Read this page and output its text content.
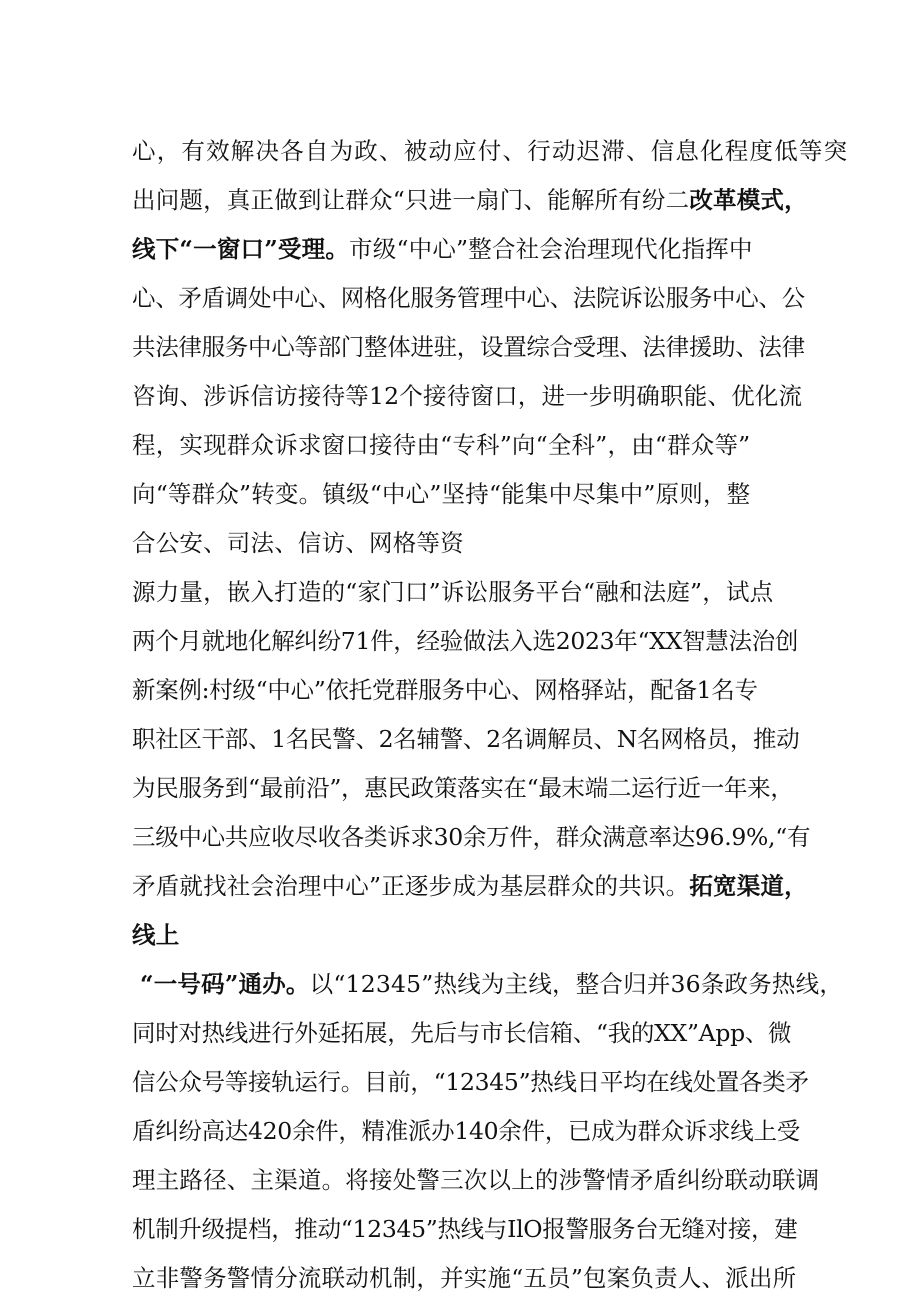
心，有效解决各自为政、被动应付、行动迟滞、信息化程度低等突
出问题，真正做到让群众“只进一扇门、能解所有纷二改革模式，
线下“一窗口”受理。市级“中心”整合社会治理现代化指挥中
心、矛盾调处中心、网格化服务管理中心、法院诉讼服务中心、公
共法律服务中心等部门整体进驻，设置综合受理、法律援助、法律
咨询、涉诉信访接待等12个接待窗口，进一步明确职能、优化流
程，实现群众诉求窗口接待由“专科”向“全科”，由“群众等”
向“等群众”转变。镇级“中心”坚持“能集中尽集中”原则，整
合公安、司法、信访、网格等资
源力量，嵌入打造的“家门口”诉讼服务平台“融和法庭”，试点
两个月就地化解纠纷71件，经验做法入选2023年“XX智慧法治创
新案例:村级“中心”依托党群服务中心、网格驿站，配备1名专
职社区干部、1名民警、2名辅警、2名调解员、N名网格员，推动
为民服务到“最前沿”，惠民政策落实在“最末端二运行近一年来，
三级中心共应收尽收各类诉求30余万件，群众满意率达96.9%,“有
矛盾就找社会治理中心”正逐步成为基层群众的共识。拓宽渠道，
线上
“一号码”通办。以“12345”热线为主线，整合归并36条政务热线，
同时对热线进行外延拓展，先后与市长信箱、“我的XX”App、微
信公众号等接轨运行。目前，“12345”热线日平均在线处置各类矛
盾纠纷高达420余件，精准派办140余件，已成为群众诉求线上受
理主路径、主渠道。将接处警三次以上的涉警情矛盾纠纷联动联调
机制升级提档，推动“12345”热线与IlO报警服务台无缝对接，建
立非警务警情分流联动机制，并实施“五员”包案负责人、派出所
